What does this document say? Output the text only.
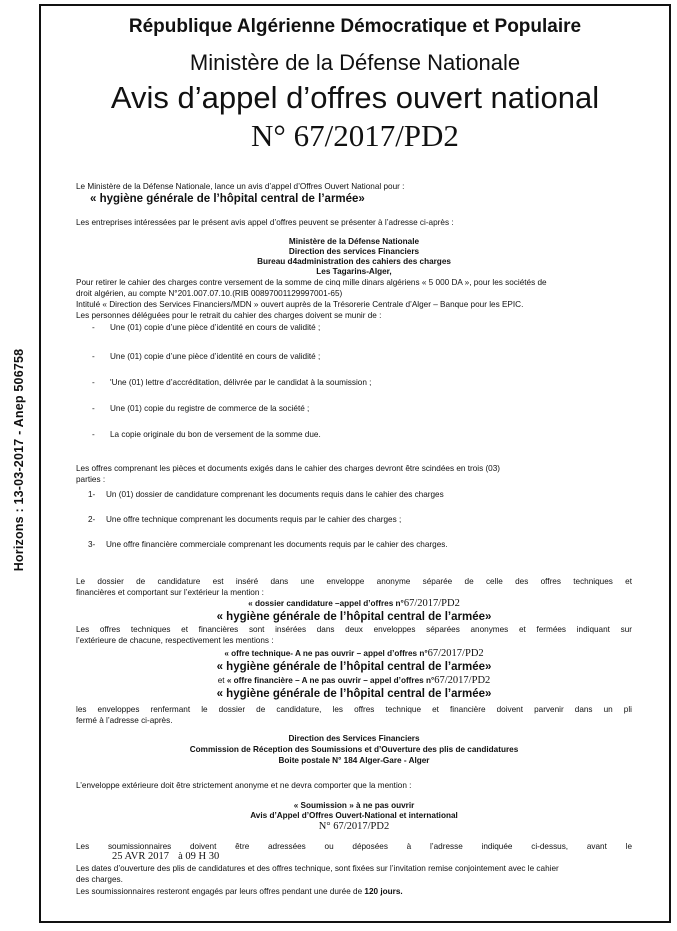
Horizons : 13-03-2017 - Anep 506758
République Algérienne Démocratique et Populaire
Ministère de la Défense Nationale
Avis d’appel d’offres ouvert national
N° 67/2017/PD2
Le Ministère de la Défense Nationale, lance un avis d’appel d’Offres Ouvert National pour :
« hygiène générale de l’hôpital central de l’armée»
Les entreprises intéressées par le présent avis appel d’offres peuvent se présenter à l’adresse ci-après :
Ministère de la Défense Nationale
Direction des services Financiers
Bureau d4administration des cahiers des charges
Les Tagarins-Alger,
Pour retirer le cahier des charges contre versement de la somme de cinq mille dinars algériens « 5 000 DA », pour les sociétés de
droit algérien, au compte N°201.007.07.10.(RIB 00897001129997001-65)
Intitulé « Direction des Services Financiers/MDN » ouvert auprès de la Trésorerie Centrale d’Alger – Banque pour les EPIC.
Les personnes déléguées pour le retrait du cahier des charges doivent se munir de :
- Une (01) copie d’une pièce d’identité en cours de validité ;
- Une (01) copie d’une pièce d’identité en cours de validité ;
- 'Une (01) lettre d’accréditation, délivrée par le candidat à la soumission ;
- Une (01) copie du registre de commerce de la société ;
- La copie originale du bon de versement de la somme due.
Les offres comprenant les pièces et documents exigés dans le cahier des charges devront être scindées en trois (03)
parties :
1- Un (01) dossier de candidature comprenant les documents requis dans le cahier des charges
2- Une offre technique comprenant les documents requis par le cahier des charges ;
3- Une offre financière commerciale comprenant les documents requis par le cahier des charges.
Le dossier de candidature est inséré dans une enveloppe anonyme séparée de celle des offres techniques et
financières et comportant sur l’extérieur la mention :
« dossier candidature –appel d’offres n°67/2017/PD2
« hygiène générale de l’hôpital central de l’armée»
Les offres techniques et financières sont insérées dans deux enveloppes séparées anonymes et fermées indiquant sur
l’extérieure de chacune, respectivement les mentions :
« offre technique- A ne pas ouvrir – appel d’offres n°67/2017/PD2
« hygiène générale de l’hôpital central de l’armée»
et « offre financière – A ne pas ouvrir – appel d’offres n°67/2017/PD2
« hygiène générale de l’hôpital central de l’armée»
les enveloppes renfermant le dossier de candidature, les offres technique et financière doivent parvenir dans un pli
fermé à l’adresse ci-après.
Direction des Services Financiers
Commission de Réception des Soumissions et d’Ouverture des plis de candidatures
Boite postale N° 184 Alger-Gare - Alger
L’enveloppe extérieure doit être strictement anonyme et ne devra comporter que la mention :
« Soumission » à ne pas ouvrir
Avis d’Appel d’Offres Ouvert-National et international
N° 67/2017/PD2
Les soumissionnaires doivent être adressées ou déposées à l’adresse indiquée ci-dessus, avant le
25 AVR 2017 à 09 H 30
Les dates d’ouverture des plis de candidatures et des offres technique, sont fixées sur l’invitation remise conjointement avec le cahier
des charges.
Les soumissionnaires resteront engagés par leurs offres pendant une durée de 120 jours.
